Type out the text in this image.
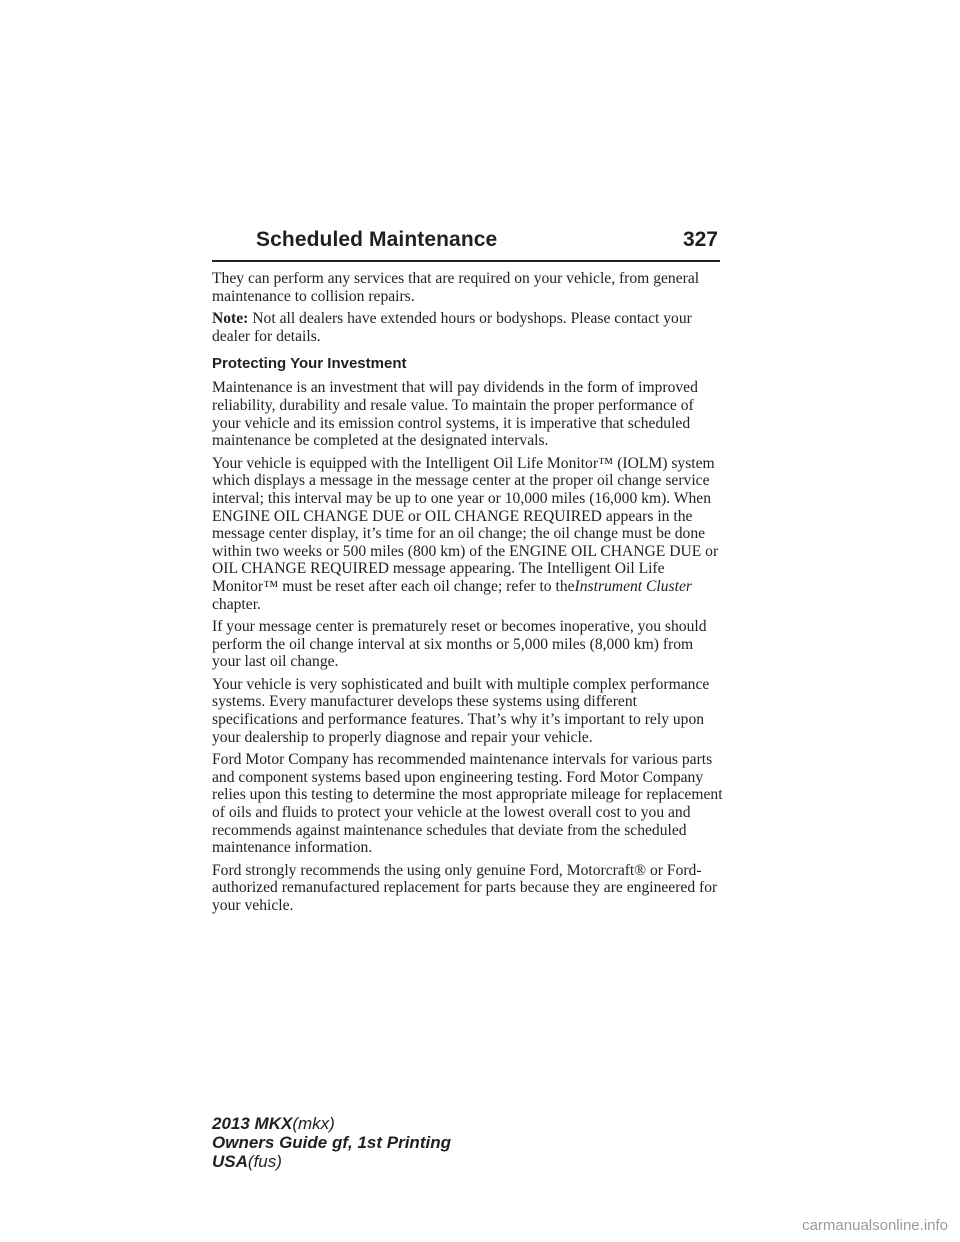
Scheduled Maintenance	327

They can perform any services that are required on your vehicle, from general maintenance to collision repairs.

Note: Not all dealers have extended hours or bodyshops. Please contact your dealer for details.

Protecting Your Investment

Maintenance is an investment that will pay dividends in the form of improved reliability, durability and resale value. To maintain the proper performance of your vehicle and its emission control systems, it is imperative that scheduled maintenance be completed at the designated intervals.

Your vehicle is equipped with the Intelligent Oil Life Monitor™ (IOLM) system which displays a message in the message center at the proper oil change service interval; this interval may be up to one year or 10,000 miles (16,000 km). When ENGINE OIL CHANGE DUE or OIL CHANGE REQUIRED appears in the message center display, it’s time for an oil change; the oil change must be done within two weeks or 500 miles (800 km) of the ENGINE OIL CHANGE DUE or OIL CHANGE REQUIRED message appearing. The Intelligent Oil Life Monitor™ must be reset after each oil change; refer to theInstrument Cluster chapter.

If your message center is prematurely reset or becomes inoperative, you should perform the oil change interval at six months or 5,000 miles (8,000 km) from your last oil change.

Your vehicle is very sophisticated and built with multiple complex performance systems. Every manufacturer develops these systems using different specifications and performance features. That’s why it’s important to rely upon your dealership to properly diagnose and repair your vehicle.

Ford Motor Company has recommended maintenance intervals for various parts and component systems based upon engineering testing. Ford Motor Company relies upon this testing to determine the most appropriate mileage for replacement of oils and fluids to protect your vehicle at the lowest overall cost to you and recommends against maintenance schedules that deviate from the scheduled maintenance information.

Ford strongly recommends the using only genuine Ford, Motorcraft® or Ford-authorized remanufactured replacement for parts because they are engineered for your vehicle.

2013 MKX(mkx)
Owners Guide gf, 1st Printing
USA(fus)
carmanualsonline.info
